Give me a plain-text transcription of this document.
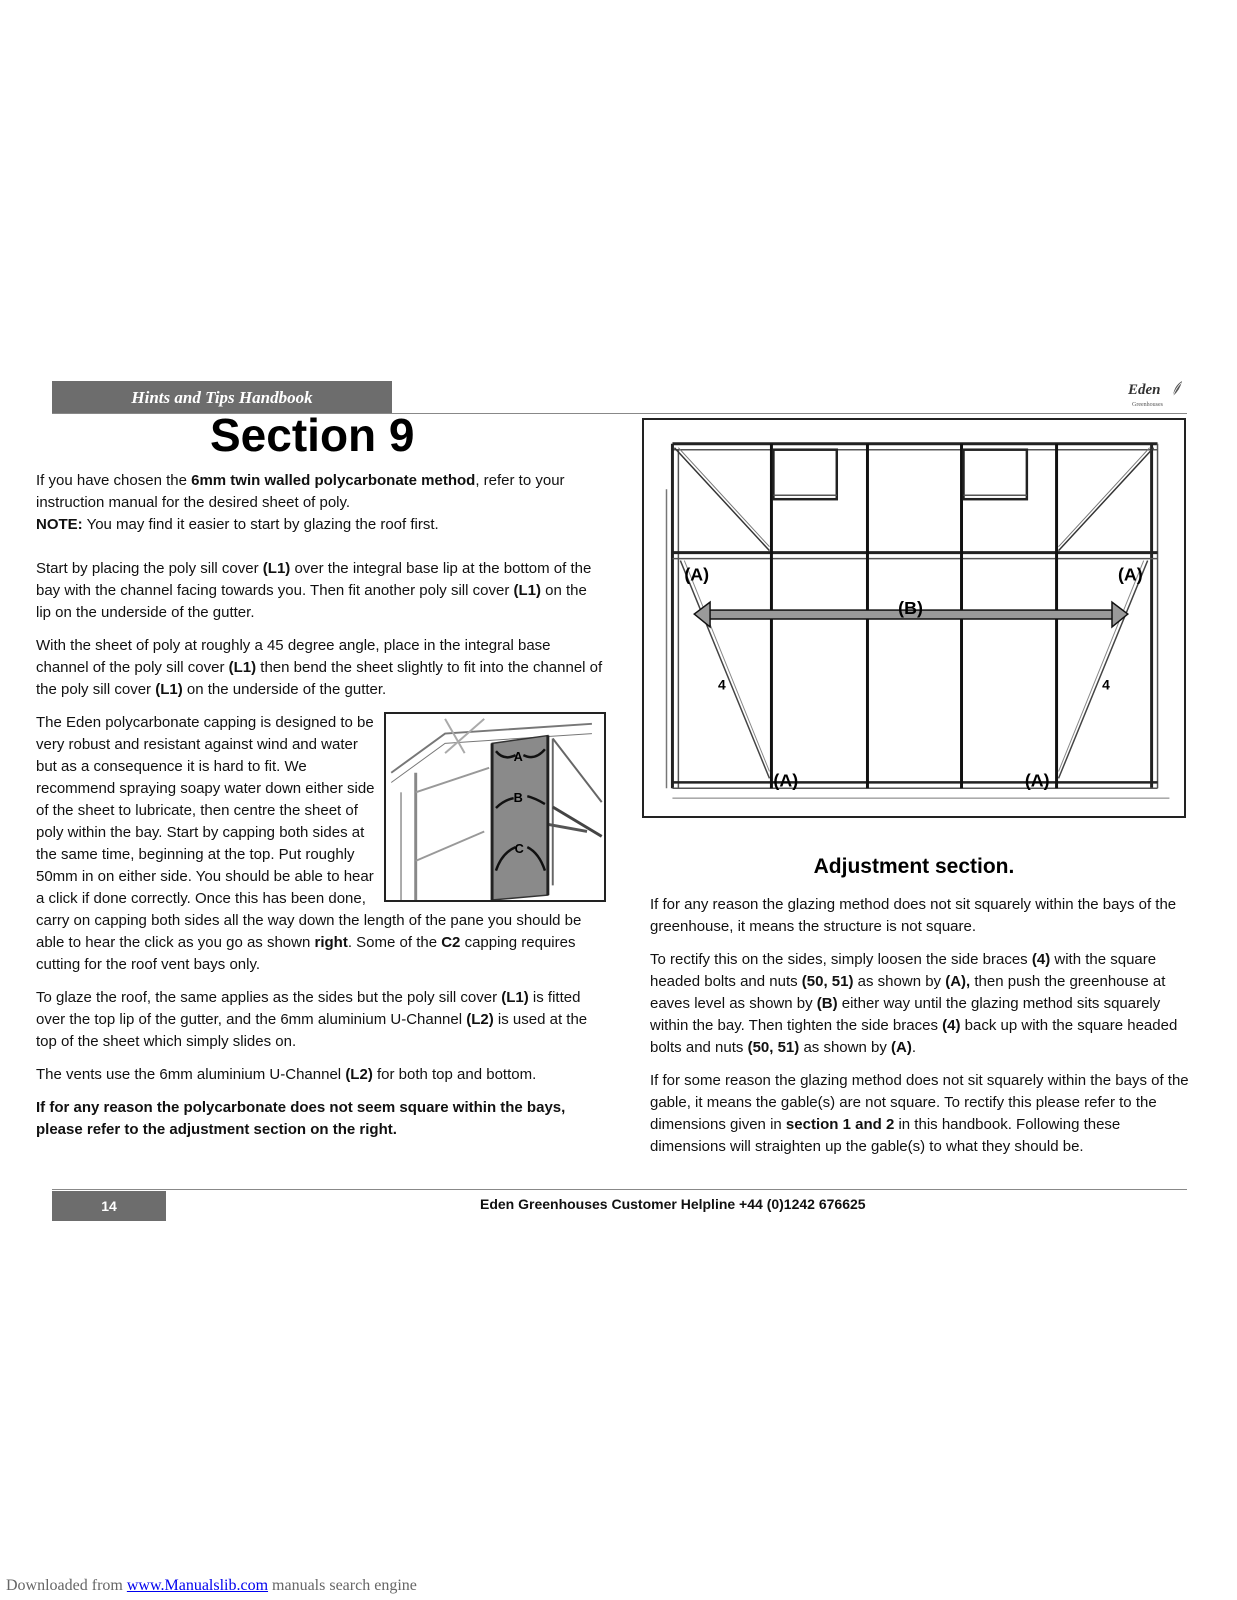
Hints and Tips Handbook	Eden
Greenhouses
Section 9

If you have chosen the 6mm twin walled polycarbonate method, refer to your instruction manual for the desired sheet of poly.

NOTE: You may find it easier to start by glazing the roof first.

Start by placing the poly sill cover (L1) over the integral base lip at the bottom of the bay with the channel facing towards you. Then fit another poly sill cover (L1) on the lip on the underside of the gutter.

With the sheet of poly at roughly a 45 degree angle, place in the integral base channel of the poly sill cover (L1) then bend the sheet slightly to fit into the channel of the poly sill cover (L1) on the underside of the gutter.

A
B
C
The Eden polycarbonate capping is designed to be very robust and resistant against wind and water but as a consequence it is hard to fit. We recommend spraying soapy water down either side of the sheet to lubricate, then centre the sheet of poly within the bay. Start by capping both sides at the same time, beginning at the top. Put roughly 50mm in on either side. You should be able to hear a click if done correctly. Once this has been done, carry on capping both sides all the way down the length of the pane you should be able to hear the click as you go as shown right. Some of the C2 capping requires cutting for the roof vent bays only.

To glaze the roof, the same applies as the sides but the poly sill cover (L1) is fitted over the top lip of the gutter, and the 6mm aluminium U-Channel (L2) is used at the top of the sheet which simply slides on.

The vents use the 6mm aluminium U-Channel (L2) for both top and bottom.

If for any reason the polycarbonate does not seem square within the bays, please refer to the adjustment section on the right.

(A)	(A)
(B)
4	4
(A)	(A)
Adjustment section.

If for any reason the glazing method does not sit squarely within the bays of the greenhouse, it means the structure is not square.

To rectify this on the sides, simply loosen the side braces (4) with the square headed bolts and nuts (50, 51) as shown by (A), then push the greenhouse at eaves level as shown by (B) either way until the glazing method sits squarely within the bay. Then tighten the side braces (4) back up with the square headed bolts and nuts (50, 51) as shown by (A).

If for some reason the glazing method does not sit squarely within the bays of the gable, it means the gable(s) are not square. To rectify this please refer to the dimensions given in section 1 and 2 in this handbook. Following these dimensions will straighten up the gable(s) to what they should be.

14	Eden Greenhouses Customer Helpline +44 (0)1242 676625
Downloaded from www.Manualslib.com manuals search engine
